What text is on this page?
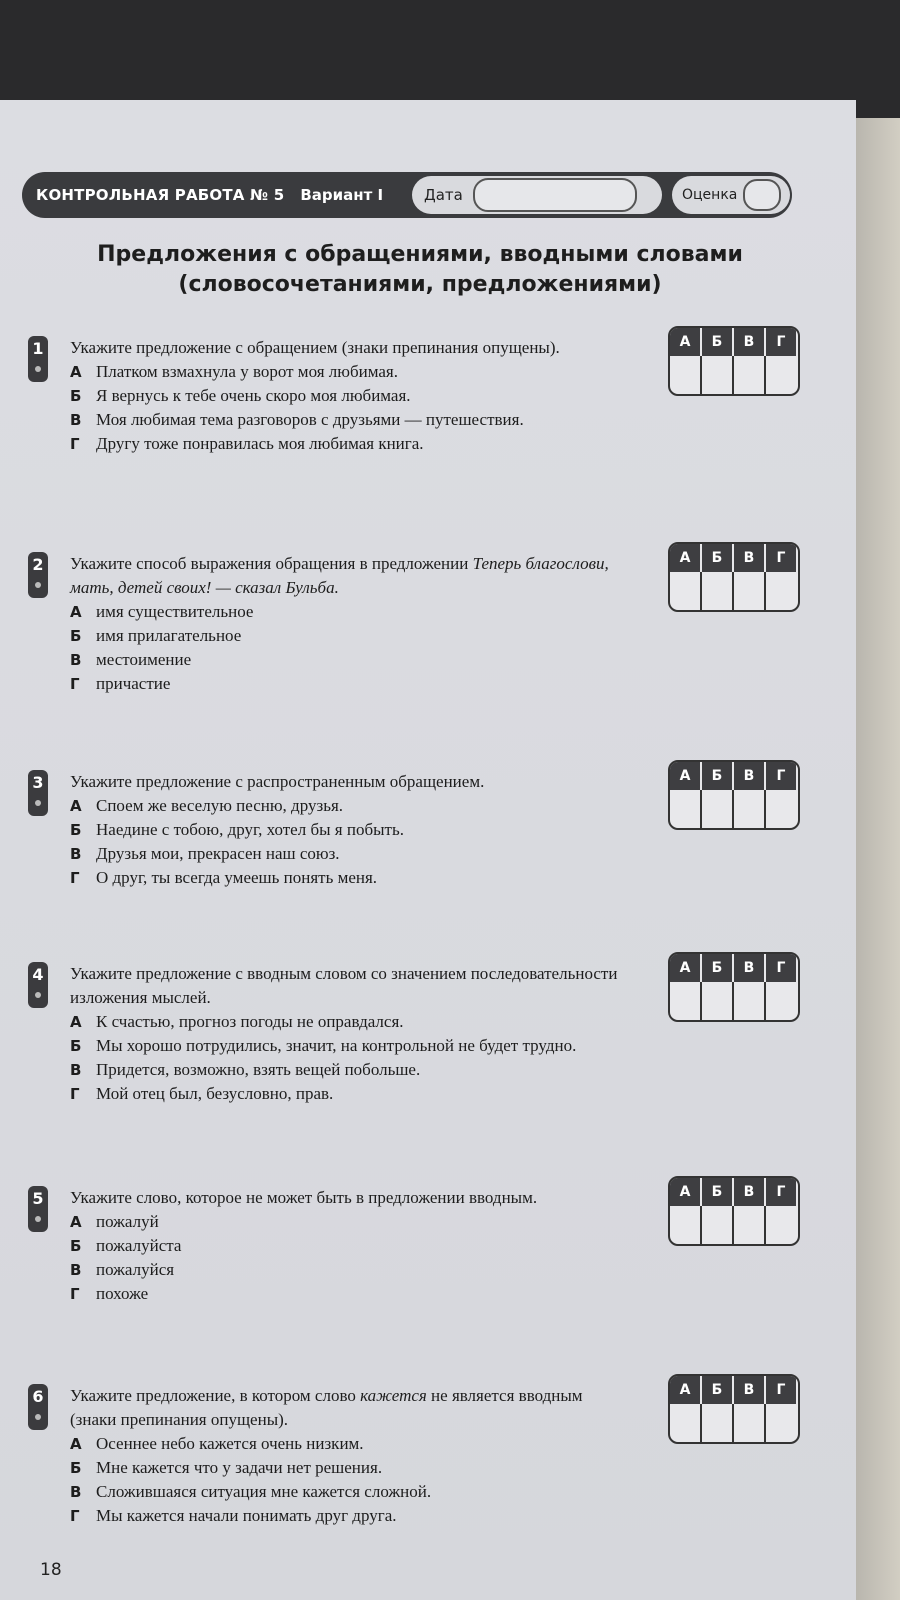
КОНТРОЛЬНАЯ РАБОТА № 5 Вариант I	Дата	Оценка
Предложения с обращениями, вводными словами (словосочетаниями, предложениями)
1 Укажите предложение с обращением (знаки препинания опущены).
А Платком взмахнула у ворот моя любимая.
Б Я вернусь к тебе очень скоро моя любимая.
В Моя любимая тема разговоров с друзьями — путешествия.
Г Другу тоже понравилась моя любимая книга.
А	Б	В	Г
2 Укажите способ выражения обращения в предложении Теперь благослови, мать, детей своих! — сказал Бульба.
А имя существительное
Б имя прилагательное
В местоимение
Г причастие
А	Б	В	Г
3 Укажите предложение с распространенным обращением.
А Споем же веселую песню, друзья.
Б Наедине с тобою, друг, хотел бы я побыть.
В Друзья мои, прекрасен наш союз.
Г О друг, ты всегда умеешь понять меня.
А	Б	В	Г
4 Укажите предложение с вводным словом со значением последовательности изложения мыслей.
А К счастью, прогноз погоды не оправдался.
Б Мы хорошо потрудились, значит, на контрольной не будет трудно.
В Придется, возможно, взять вещей побольше.
Г Мой отец был, безусловно, прав.
А	Б	В	Г
5 Укажите слово, которое не может быть в предложении вводным.
А пожалуй
Б пожалуйста
В пожалуйся
Г похоже
А	Б	В	Г
6 Укажите предложение, в котором слово кажется не является вводным (знаки препинания опущены).
А Осеннее небо кажется очень низким.
Б Мне кажется что у задачи нет решения.
В Сложившаяся ситуация мне кажется сложной.
Г Мы кажется начали понимать друг друга.
А	Б	В	Г
18
